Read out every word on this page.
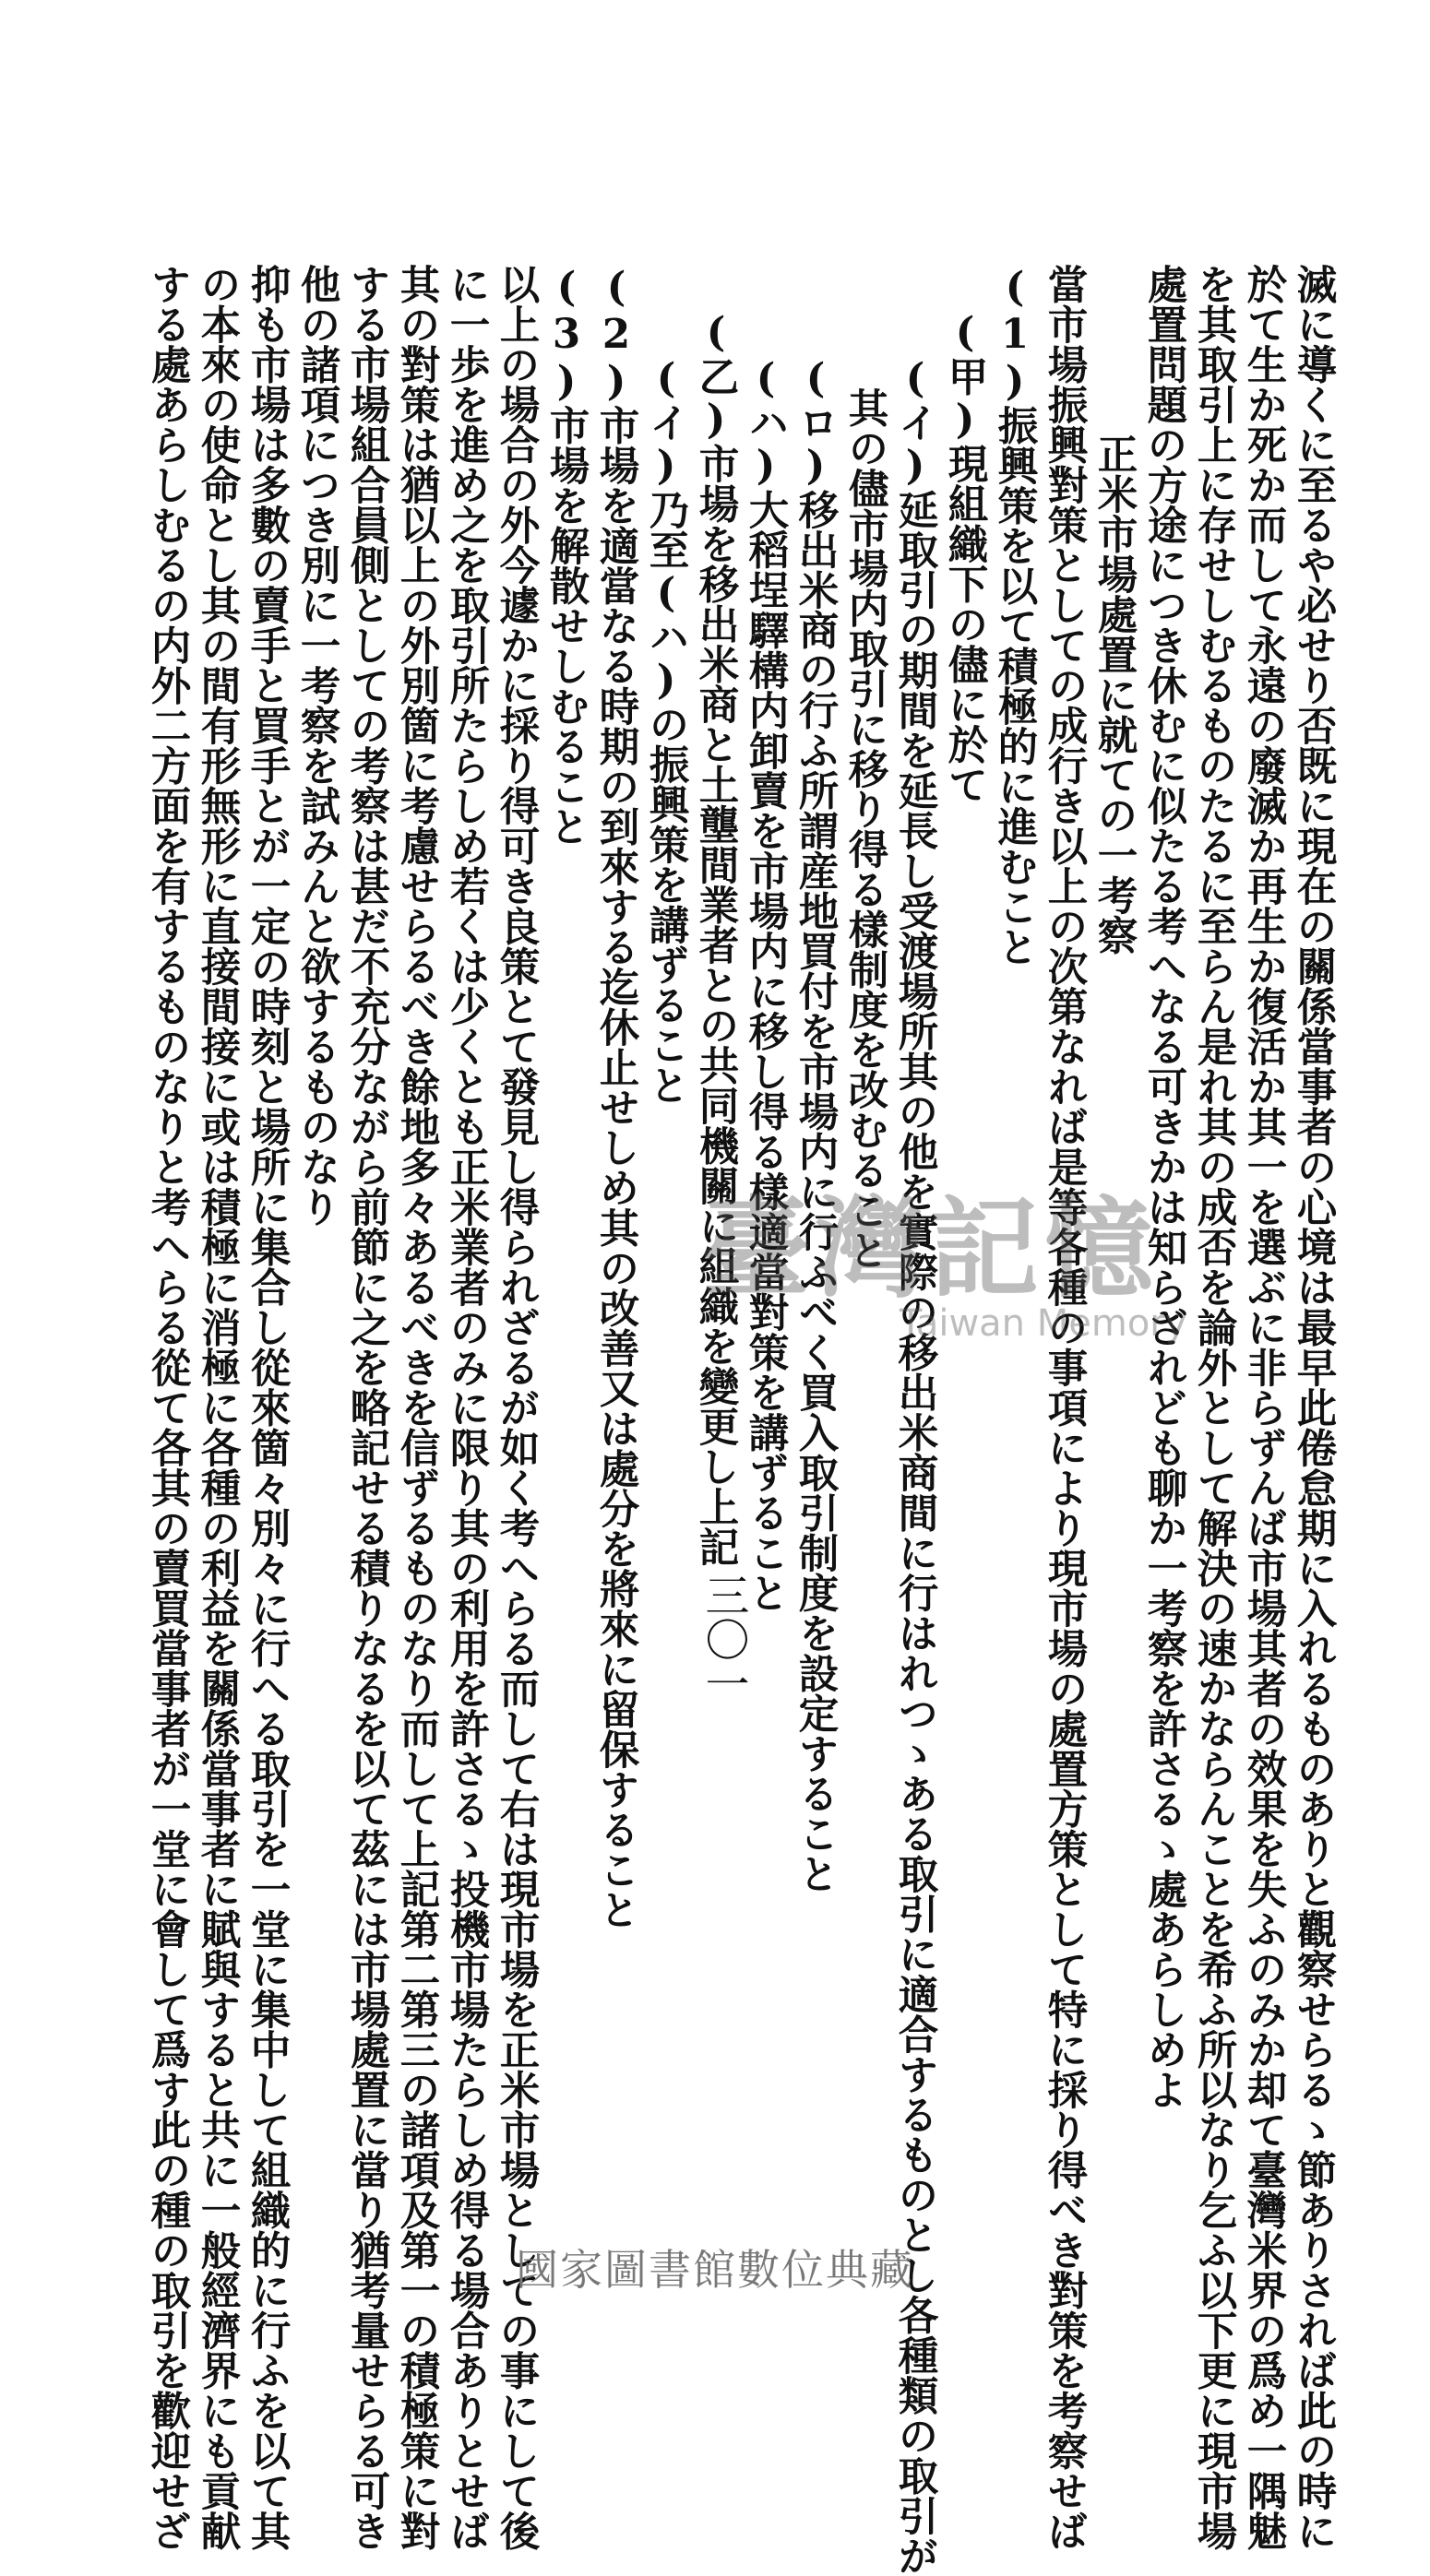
滅に導くに至るや必せり否既に現在の關係當事者の心境は最早此倦怠期に入れるものありと觀察せらるゝ節ありされば此の時に
於て生か死か而して永遠の廢滅か再生か復活か其一を選ぶに非らずんば市場其者の效果を失ふのみか却て臺灣米界の爲め一隅魅
を其取引上に存せしむるものたるに至らん是れ其の成否を論外として解決の速かならんことを希ふ所以なり乞ふ以下更に現市場
處置問題の方途につき休むに似たる考へなる可きかは知らざれども聊か一考察を許さるゝ處あらしめよ
正米市場處置に就ての一考察
當市場振興對策としての成行き以上の次第なれば是等各種の事項により現市場の處置方策として特に採り得べき對策を考察せば
(1)振興策を以て積極的に進むこと
(甲)現組織下の儘に於て
(イ)延取引の期間を延長し受渡場所其の他を實際の移出米商間に行はれつゝある取引に適合するものとし各種類の取引が
其の儘市場内取引に移り得る樣制度を改むること
(ロ)移出米商の行ふ所謂産地買付を市場内に行ふべく買入取引制度を設定すること
(ハ)大稻埕驛構内卸賣を市場内に移し得る樣適當對策を講ずること
(乙)市場を移出米商と土壟間業者との共同機關に組織を變更し上記
(イ)乃至(ハ)の振興策を講ずること
(2)市場を適當なる時期の到來する迄休止せしめ其の改善又は處分を將來に留保すること
(3)市場を解散せしむること
以上の場合の外今遽かに採り得可き良策とて發見し得られざるが如く考へらる而して右は現市場を正米市場としての事にして後
に一歩を進め之を取引所たらしめ若くは少くとも正米業者のみに限り其の利用を許さるゝ投機市場たらしめ得る場合ありとせば
其の對策は猶以上の外別箇に考慮せらるべき餘地多々あるべきを信ずるものなり而して上記第二第三の諸項及第一の積極策に對
する市場組合員側としての考察は甚だ不充分ながら前節に之を略記せる積りなるを以て茲には市場處置に當り猶考量せらる可き
他の諸項につき別に一考察を試みんと欲するものなり
抑も市場は多數の賣手と買手とが一定の時刻と場所に集合し從來箇々別々に行へる取引を一堂に集中して組織的に行ふを以て其
の本來の使命とし其の間有形無形に直接間接に或は積極に消極に各種の利益を關係當事者に賦與すると共に一般經濟界にも貢献
する處あらしむるの内外二方面を有するものなりと考へらる從て各其の賣買當事者が一堂に會して爲す此の種の取引を歡迎せざ	三〇一
臺灣記憶
Taiwan Memory
國家圖書館數位典藏
